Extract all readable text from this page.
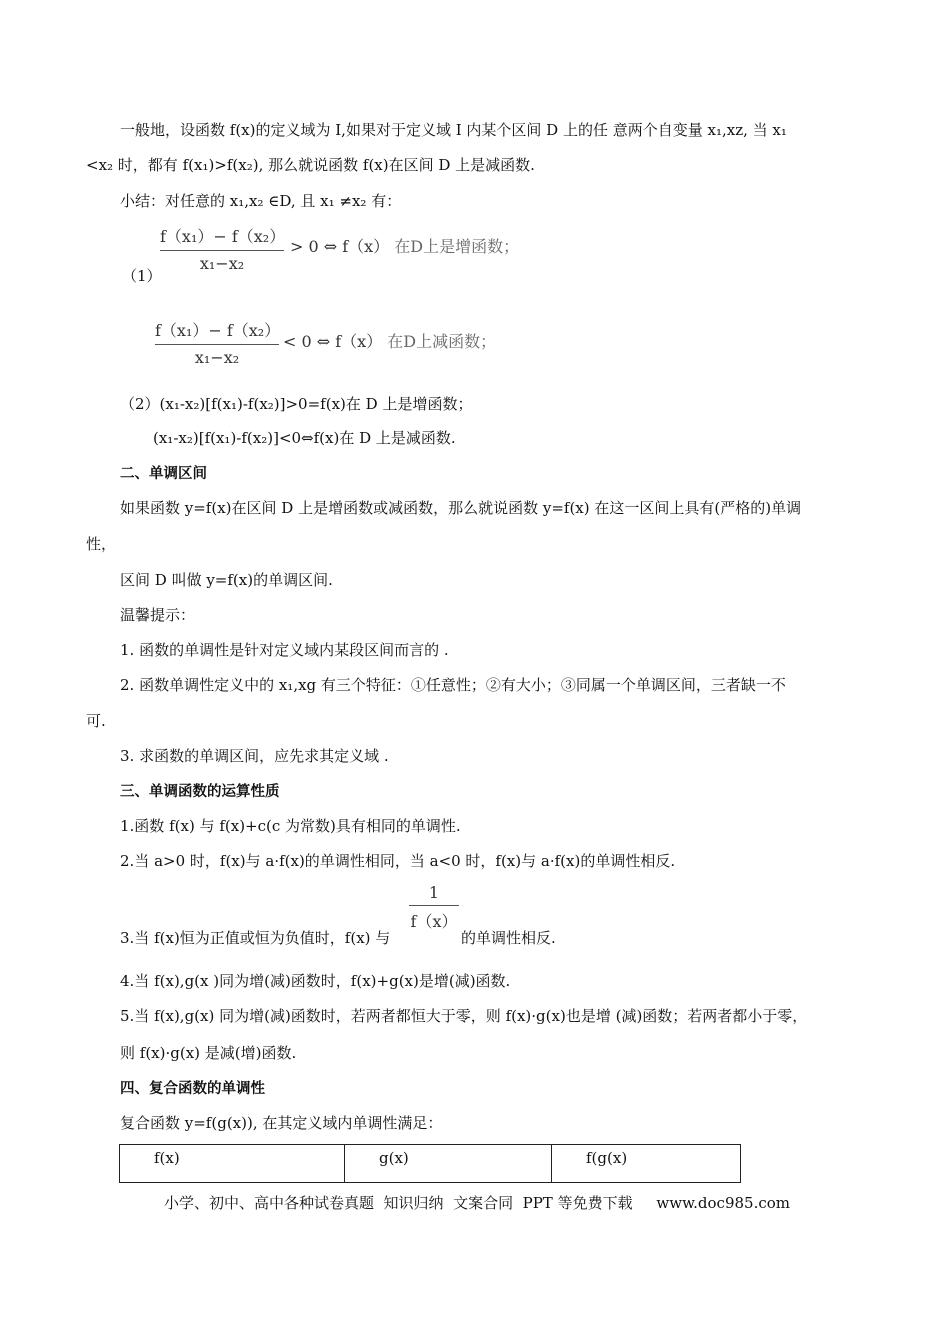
一般地，设函数 f(x)的定义域为 I,如果对于定义域 I 内某个区间 D 上的任 意两个自变量 x₁,xz, 当 x₁
<x₂ 时，都有 f(x₁)>f(x₂), 那么就说函数 f(x)在区间 D 上是减函数.
小结：对任意的 x₁,x₂ ∈D, 且 x₁ ≠x₂ 有：
f（x₁）− f（x₂）
x₁−x₂
> 0 ⇔ f（x） 在D上是增函数；
（1）
f（x₁）− f（x₂）
x₁−x₂
< 0 ⇔ f（x） 在D上减函数；
（2）(x₁-x₂)[f(x₁)-f(x₂)]>0=f(x)在 D 上是增函数；
(x₁-x₂)[f(x₁)-f(x₂)]<0⇔f(x)在 D 上是减函数.
二、单调区间
如果函数 y=f(x)在区间 D 上是增函数或减函数，那么就说函数 y=f(x) 在这一区间上具有(严格的)单调
性，
区间 D 叫做 y=f(x)的单调区间.
温馨提示：
1. 函数的单调性是针对定义域内某段区间而言的 .
2. 函数单调性定义中的 x₁,xg 有三个特征：①任意性；②有大小；③同属一个单调区间，三者缺一不
可.
3. 求函数的单调区间，应先求其定义域 .
三、单调函数的运算性质
1.函数 f(x) 与 f(x)+c(c 为常数)具有相同的单调性.
2.当 a>0 时，f(x)与 a·f(x)的单调性相同，当 a<0 时，f(x)与 a·f(x)的单调性相反.
1
f（x）
3.当 f(x)恒为正值或恒为负值时，f(x) 与	的单调性相反.
4.当 f(x),g(x )同为增(减)函数时，f(x)+g(x)是增(减)函数.
5.当 f(x),g(x) 同为增(减)函数时，若两者都恒大于零，则 f(x)·g(x)也是增 (减)函数；若两者都小于零，
则 f(x)·g(x) 是减(增)函数.
四、复合函数的单调性
复合函数 y=f(g(x)), 在其定义域内单调性满足：
f(x)	g(x)	f(g(x)
小学、初中、高中各种试卷真题  知识归纳  文案合同  PPT 等免费下载     www.doc985.com
